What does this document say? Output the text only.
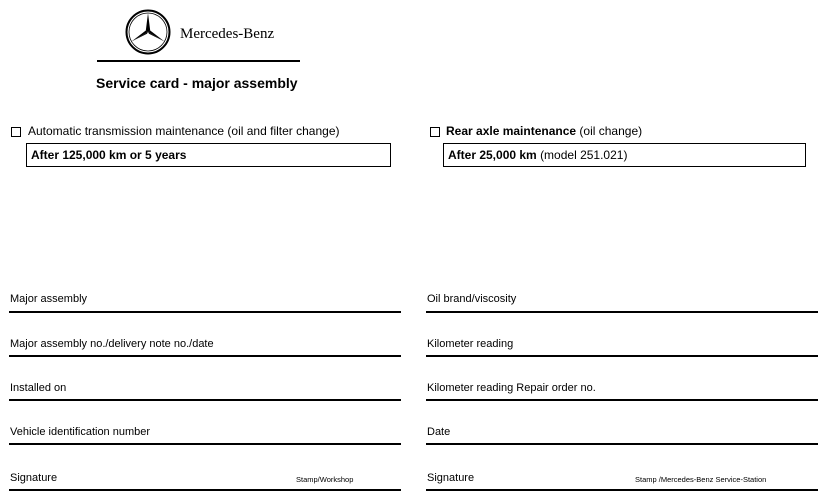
Mercedes-Benz
Service card - major assembly
Automatic transmission maintenance (oil and filter change)
After 125,000 km or 5 years
Rear axle maintenance (oil change)
After 25,000 km (model 251.021)
Major assembly
Major assembly no./delivery note no./date
Installed on
Vehicle identification number
Signature	Stamp/Workshop
Oil brand/viscosity
Kilometer reading
Kilometer reading Repair order no.
Date
Signature	Stamp /Mercedes-Benz Service-Station
